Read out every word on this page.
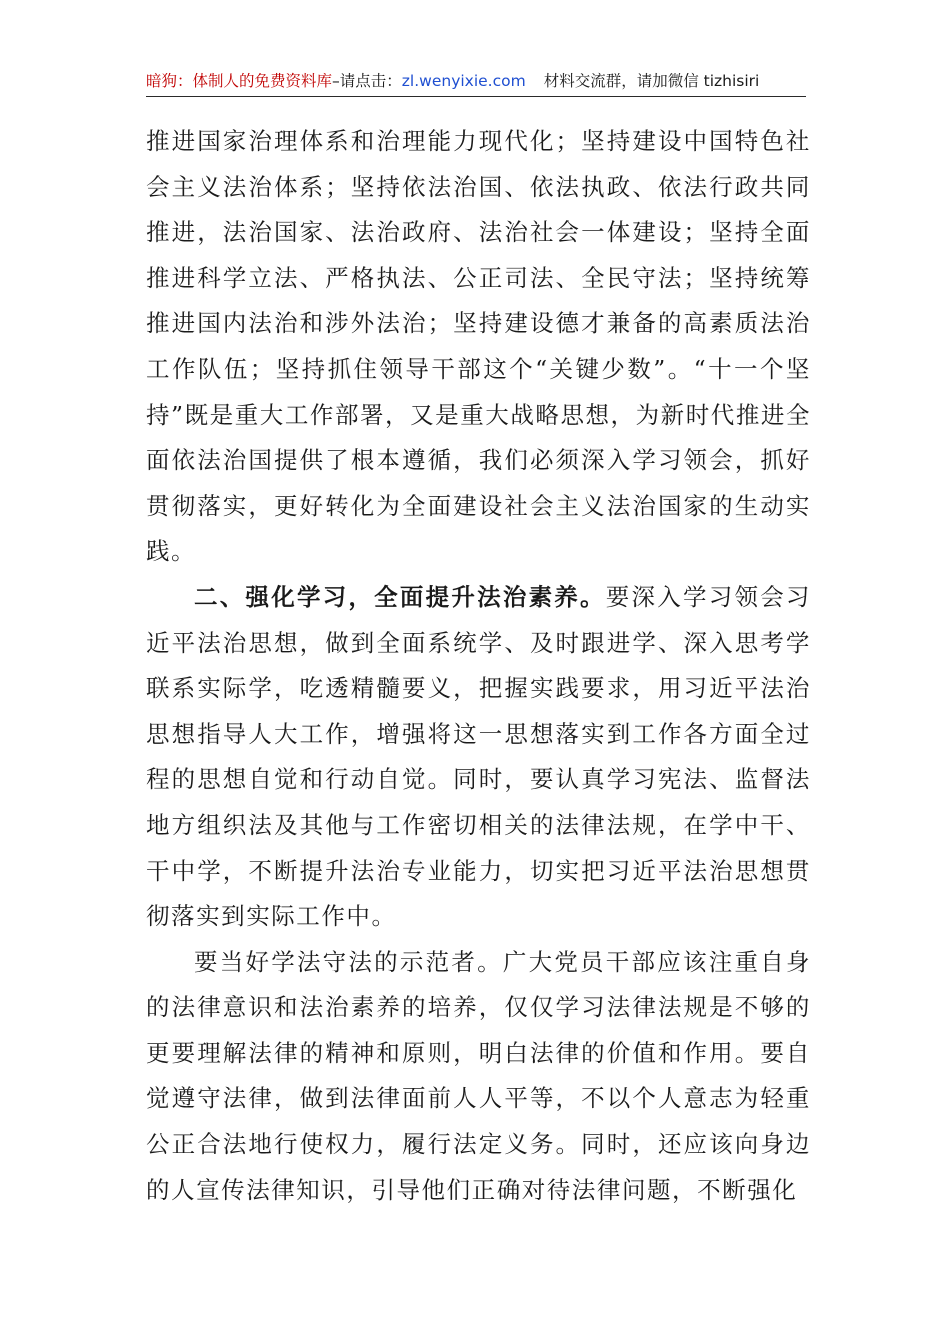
暗狗：体制人的免费资料库–请点击：zl.wenyixie.com 材料交流群，请加微信 tizhisiri

推进国家治理体系和治理能力现代化；坚持建设中国特色社会主义法治体系；坚持依法治国、依法执政、依法行政共同推进，法治国家、法治政府、法治社会一体建设；坚持全面推进科学立法、严格执法、公正司法、全民守法；坚持统筹推进国内法治和涉外法治；坚持建设德才兼备的高素质法治工作队伍；坚持抓住领导干部这个“关键少数”。“十一个坚持”既是重大工作部署，又是重大战略思想，为新时代推进全面依法治国提供了根本遵循，我们必须深入学习领会，抓好贯彻落实，更好转化为全面建设社会主义法治国家的生动实践。

二、强化学习，全面提升法治素养。要深入学习领会习近平法治思想，做到全面系统学、及时跟进学、深入思考学联系实际学，吃透精髓要义，把握实践要求，用习近平法治思想指导人大工作，增强将这一思想落实到工作各方面全过程的思想自觉和行动自觉。同时，要认真学习宪法、监督法地方组织法及其他与工作密切相关的法律法规，在学中干、干中学，不断提升法治专业能力，切实把习近平法治思想贯彻落实到实际工作中。

要当好学法守法的示范者。广大党员干部应该注重自身的法律意识和法治素养的培养，仅仅学习法律法规是不够的更要理解法律的精神和原则，明白法律的价值和作用。要自觉遵守法律，做到法律面前人人平等，不以个人意志为轻重公正合法地行使权力，履行法定义务。同时，还应该向身边的人宣传法律知识，引导他们正确对待法律问题，不断强化
